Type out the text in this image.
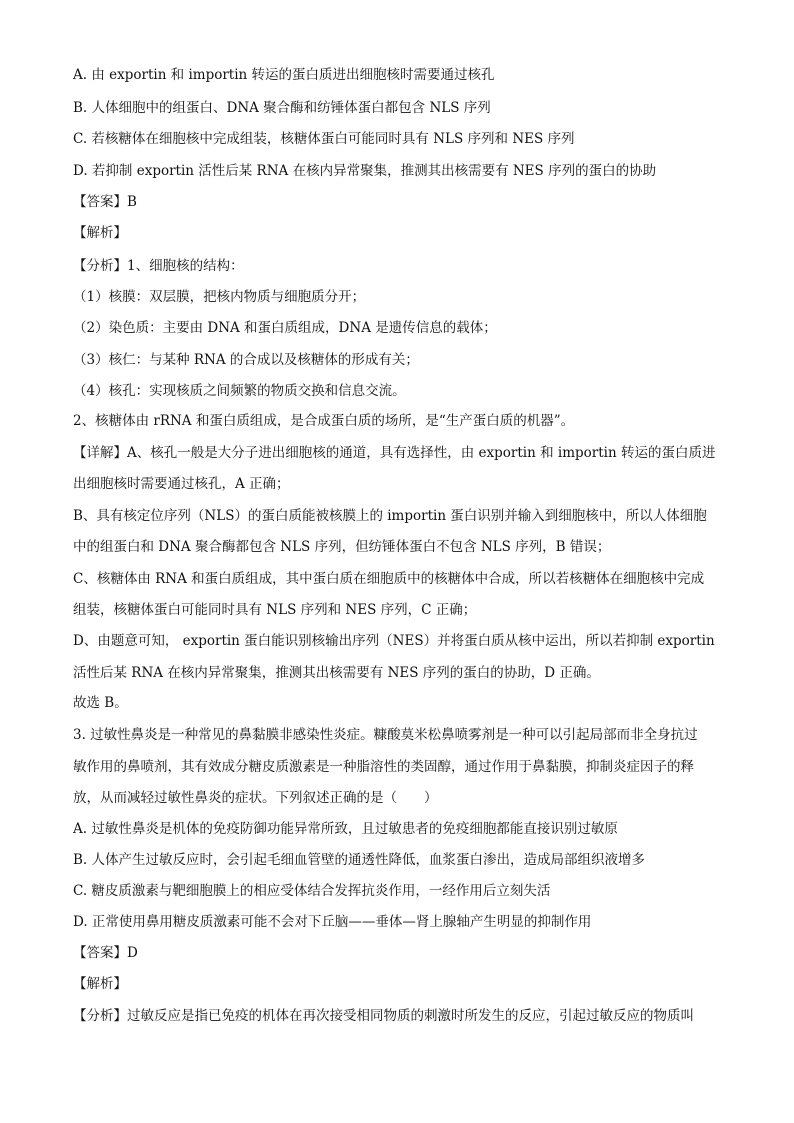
A. 由 exportin 和 importin 转运的蛋白质进出细胞核时需要通过核孔
B. 人体细胞中的组蛋白、DNA 聚合酶和纺锤体蛋白都包含 NLS 序列
C. 若核糖体在细胞核中完成组装，核糖体蛋白可能同时具有 NLS 序列和 NES 序列
D. 若抑制 exportin 活性后某 RNA 在核内异常聚集，推测其出核需要有 NES 序列的蛋白的协助
【答案】B
【解析】
【分析】1、细胞核的结构：
（1）核膜：双层膜，把核内物质与细胞质分开；
（2）染色质：主要由 DNA 和蛋白质组成，DNA 是遗传信息的载体；
（3）核仁：与某种 RNA 的合成以及核糖体的形成有关；
（4）核孔：实现核质之间频繁的物质交换和信息交流。
2、核糖体由 rRNA 和蛋白质组成，是合成蛋白质的场所，是“生产蛋白质的机器”。
【详解】A、核孔一般是大分子进出细胞核的通道，具有选择性，由 exportin 和 importin 转运的蛋白质进
出细胞核时需要通过核孔，A 正确；
B、具有核定位序列（NLS）的蛋白质能被核膜上的 importin 蛋白识别并输入到细胞核中，所以人体细胞
中的组蛋白和 DNA 聚合酶都包含 NLS 序列，但纺锤体蛋白不包含 NLS 序列，B 错误；
C、核糖体由 RNA 和蛋白质组成，其中蛋白质在细胞质中的核糖体中合成，所以若核糖体在细胞核中完成
组装，核糖体蛋白可能同时具有 NLS 序列和 NES 序列，C 正确；
D、由题意可知， exportin 蛋白能识别核输出序列（NES）并将蛋白质从核中运出，所以若抑制 exportin
活性后某 RNA 在核内异常聚集，推测其出核需要有 NES 序列的蛋白的协助，D 正确。
故选 B。
3. 过敏性鼻炎是一种常见的鼻黏膜非感染性炎症。糠酸莫米松鼻喷雾剂是一种可以引起局部而非全身抗过
敏作用的鼻喷剂，其有效成分糖皮质激素是一种脂溶性的类固醇，通过作用于鼻黏膜，抑制炎症因子的释
放，从而减轻过敏性鼻炎的症状。下列叙述正确的是（　　）
A. 过敏性鼻炎是机体的免疫防御功能异常所致，且过敏患者的免疫细胞都能直接识别过敏原
B. 人体产生过敏反应时，会引起毛细血管壁的通透性降低，血浆蛋白渗出，造成局部组织液增多
C. 糖皮质激素与靶细胞膜上的相应受体结合发挥抗炎作用，一经作用后立刻失活
D. 正常使用鼻用糖皮质激素可能不会对下丘脑——垂体—肾上腺轴产生明显的抑制作用
【答案】D
【解析】
【分析】过敏反应是指已免疫的机体在再次接受相同物质的刺激时所发生的反应，引起过敏反应的物质叫
